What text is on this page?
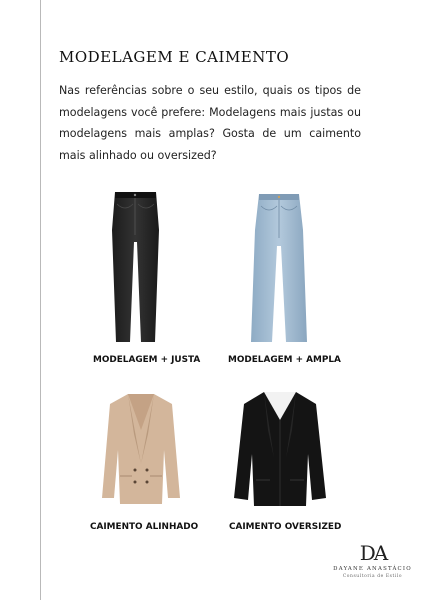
MODELAGEM E CAIMENTO

Nas referências sobre o seu estilo, quais os tipos de modelagens você prefere: Modelagens mais justas ou modelagens mais amplas? Gosta de um caimento mais alinhado ou oversized?

MODELAGEM + JUSTA	MODELAGEM + AMPLA
CAIMENTO ALINHADO	CAIMENTO OVERSIZED
DA
DAYANE ANASTÁCIO
Consultoria de Estilo
